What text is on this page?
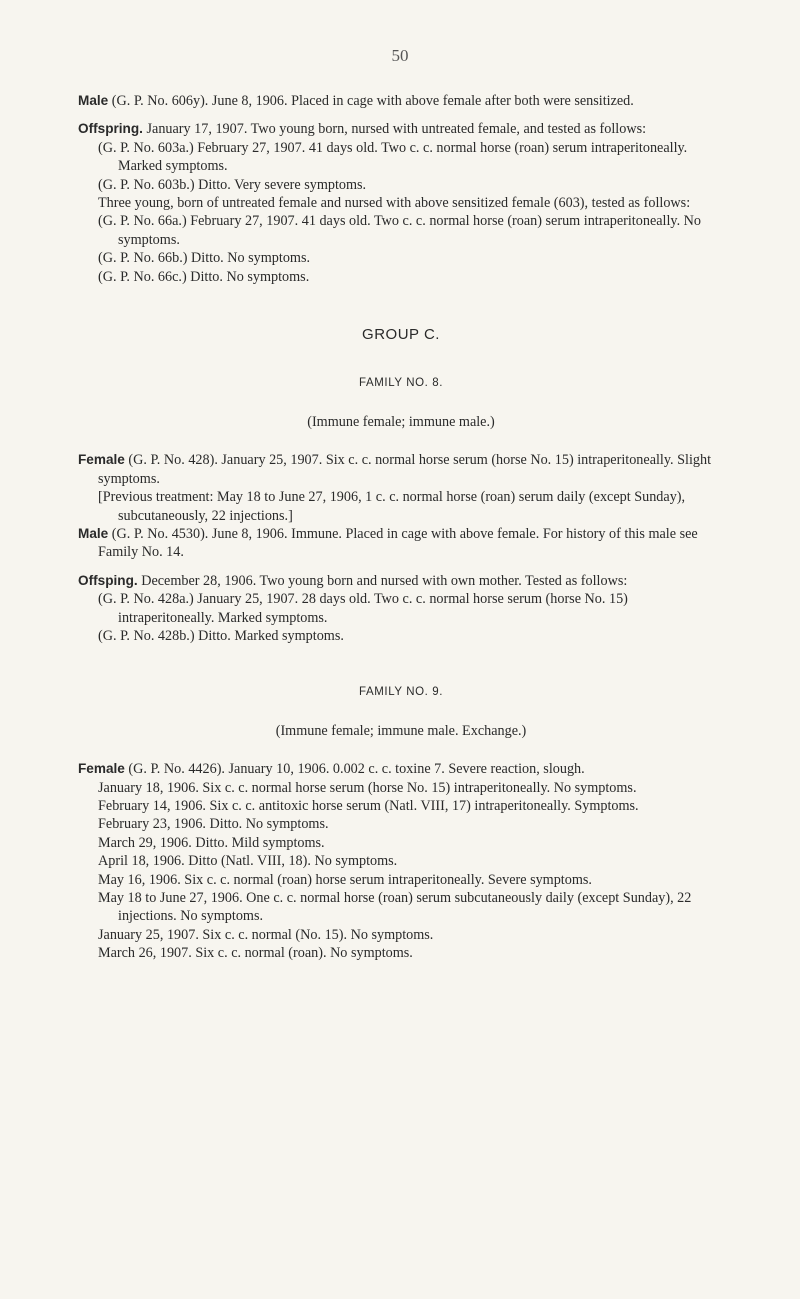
50

Male (G. P. No. 606y). June 8, 1906. Placed in cage with above female after both were sensitized.

Offspring. January 17, 1907. Two young born, nursed with untreated female, and tested as follows:

(G. P. No. 603a.) February 27, 1907. 41 days old. Two c. c. normal horse (roan) serum intraperitoneally. Marked symptoms.

(G. P. No. 603b.) Ditto. Very severe symptoms.

Three young, born of untreated female and nursed with above sensitized female (603), tested as follows:

(G. P. No. 66a.) February 27, 1907. 41 days old. Two c. c. normal horse (roan) serum intraperitoneally. No symptoms.

(G. P. No. 66b.) Ditto. No symptoms.

(G. P. No. 66c.) Ditto. No symptoms.

GROUP C.
FAMILY NO. 8.
(Immune female; immune male.)

Female (G. P. No. 428). January 25, 1907. Six c. c. normal horse serum (horse No. 15) intraperitoneally. Slight symptoms.

[Previous treatment: May 18 to June 27, 1906, 1 c. c. normal horse (roan) serum daily (except Sunday), subcutaneously, 22 injections.]

Male (G. P. No. 4530). June 8, 1906. Immune. Placed in cage with above female. For history of this male see Family No. 14.

Offsping. December 28, 1906. Two young born and nursed with own mother. Tested as follows:

(G. P. No. 428a.) January 25, 1907. 28 days old. Two c. c. normal horse serum (horse No. 15) intraperitoneally. Marked symptoms.

(G. P. No. 428b.) Ditto. Marked symptoms.

FAMILY NO. 9.
(Immune female; immune male. Exchange.)

Female (G. P. No. 4426). January 10, 1906. 0.002 c. c. toxine 7. Severe reaction, slough.

January 18, 1906. Six c. c. normal horse serum (horse No. 15) intraperitoneally. No symptoms.

February 14, 1906. Six c. c. antitoxic horse serum (Natl. VIII, 17) intraperitoneally. Symptoms.

February 23, 1906. Ditto. No symptoms.

March 29, 1906. Ditto. Mild symptoms.

April 18, 1906. Ditto (Natl. VIII, 18). No symptoms.

May 16, 1906. Six c. c. normal (roan) horse serum intraperitoneally. Severe symptoms.

May 18 to June 27, 1906. One c. c. normal horse (roan) serum subcutaneously daily (except Sunday), 22 injections. No symptoms.

January 25, 1907. Six c. c. normal (No. 15). No symptoms.

March 26, 1907. Six c. c. normal (roan). No symptoms.
